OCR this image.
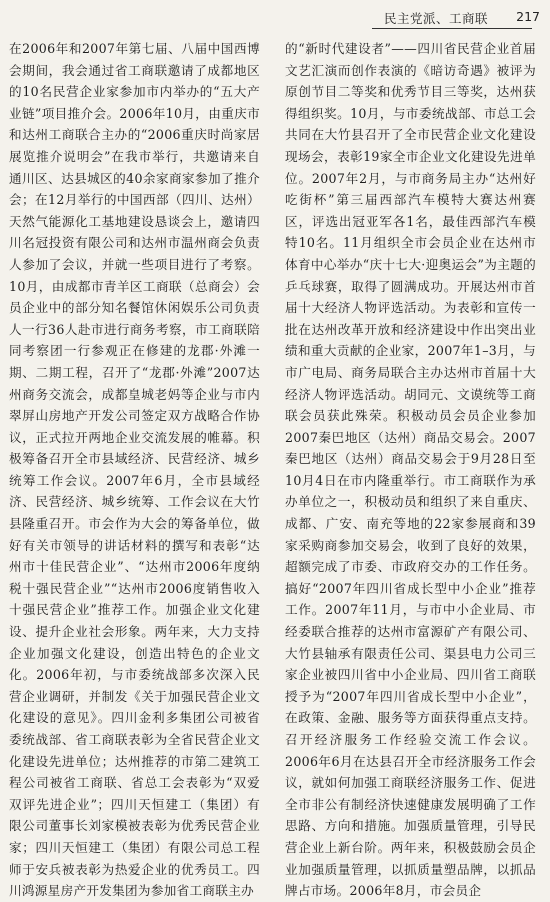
民主党派、工商联 217

在2006年和2007年第七届、八届中国西博会期间，我会通过省工商联邀请了成都地区的10名民营企业家参加市内举办的“五大产业链”项目推介会。2006年10月，由重庆市和达州工商联合主办的“2006重庆时尚家居展览推介说明会”在我市举行，共邀请来自通川区、达县城区的40余家商家参加了推介会；在12月举行的中国西部（四川、达州）天然气能源化工基地建设恳谈会上，邀请四川名冠投资有限公司和达州市温州商会负责人参加了会议，并就一些项目进行了考察。10月，由成都市青羊区工商联（总商会）会员企业中的部分知名餐馆休闲娱乐公司负责人一行36人赴市进行商务考察，市工商联陪同考察团一行参观正在修建的龙郡·外滩一期、二期工程，召开了“龙郡·外滩”2007达州商务交流会，成都皇城老妈等企业与市内翠屏山房地产开发公司签定双方战略合作协议，正式拉开两地企业交流发展的帷幕。积极筹备召开全市县域经济、民营经济、城乡统筹工作会议。2007年6月，全市县域经济、民营经济、城乡统筹、工作会议在大竹县隆重召开。市会作为大会的筹备单位，做好有关市领导的讲话材料的撰写和表彰“达州市十佳民营企业”、“达州市2006年度纳税十强民营企业”“达州市2006度销售收入十强民营企业”推荐工作。加强企业文化建设、提升企业社会形象。两年来，大力支持企业加强文化建设，创造出特色的企业文化。2006年初，与市委统战部多次深入民营企业调研，并制发《关于加强民营企业文化建设的意见》。四川金利多集团公司被省委统战部、省工商联表彰为全省民营企业文化建设先进单位；达州推荐的市第二建筑工程公司被省工商联、省总工会表彰为“双爱双评先进企业”；四川天恒建工（集团）有限公司董事长刘家模被表彰为优秀民营企业家；四川天恒建工（集团）有限公司总工程师于安兵被表彰为热爱企业的优秀员工。四川鸿源星房产开发集团为参加省工商联主办

的“新时代建设者”——四川省民营企业首届文艺汇演而创作表演的《暗访奇遇》被评为原创节目二等奖和优秀节目三等奖，达州获得组织奖。10月，与市委统战部、市总工会共同在大竹县召开了全市民营企业文化建设现场会，表彰19家全市企业文化建设先进单位。2007年2月，与市商务局主办“达州好吃街杯”第三届西部汽车模特大赛达州赛区，评选出冠亚军各1名，最佳西部汽车模特10名。11月组织全市会员企业在达州市体育中心举办“庆十七大·迎奥运会”为主题的乒乓球赛，取得了圆满成功。开展达州市首届十大经济人物评选活动。为表彰和宣传一批在达州改革开放和经济建设中作出突出业绩和重大贡献的企业家，2007年1–3月，与市广电局、商务局联合主办达州市首届十大经济人物评选活动。胡同元、文谟统等工商联会员获此殊荣。积极动员会员企业参加2007秦巴地区（达州）商品交易会。2007秦巴地区（达州）商品交易会于9月28日至10月4日在市内隆重举行。市工商联作为承办单位之一，积极动员和组织了来自重庆、成都、广安、南充等地的22家参展商和39家采购商参加交易会，收到了良好的效果，超额完成了市委、市政府交办的工作任务。搞好“2007年四川省成长型中小企业”推荐工作。2007年11月，与市中小企业局、市经委联合推荐的达州市富源矿产有限公司、大竹县轴承有限责任公司、渠县电力公司三家企业被四川省中小企业局、四川省工商联授予为“2007年四川省成长型中小企业”，在政策、金融、服务等方面获得重点支持。召开经济服务工作经验交流工作会议。2006年6月在达县召开全市经济服务工作会议，就如何加强工商联经济服务工作、促进全市非公有制经济快速健康发展明确了工作思路、方向和措施。加强质量管理，引导民营企业上新台阶。两年来，积极鼓励会员企业加强质量管理，以抓质量塑品牌，以抓品牌占市场。2006年8月，市会员企
